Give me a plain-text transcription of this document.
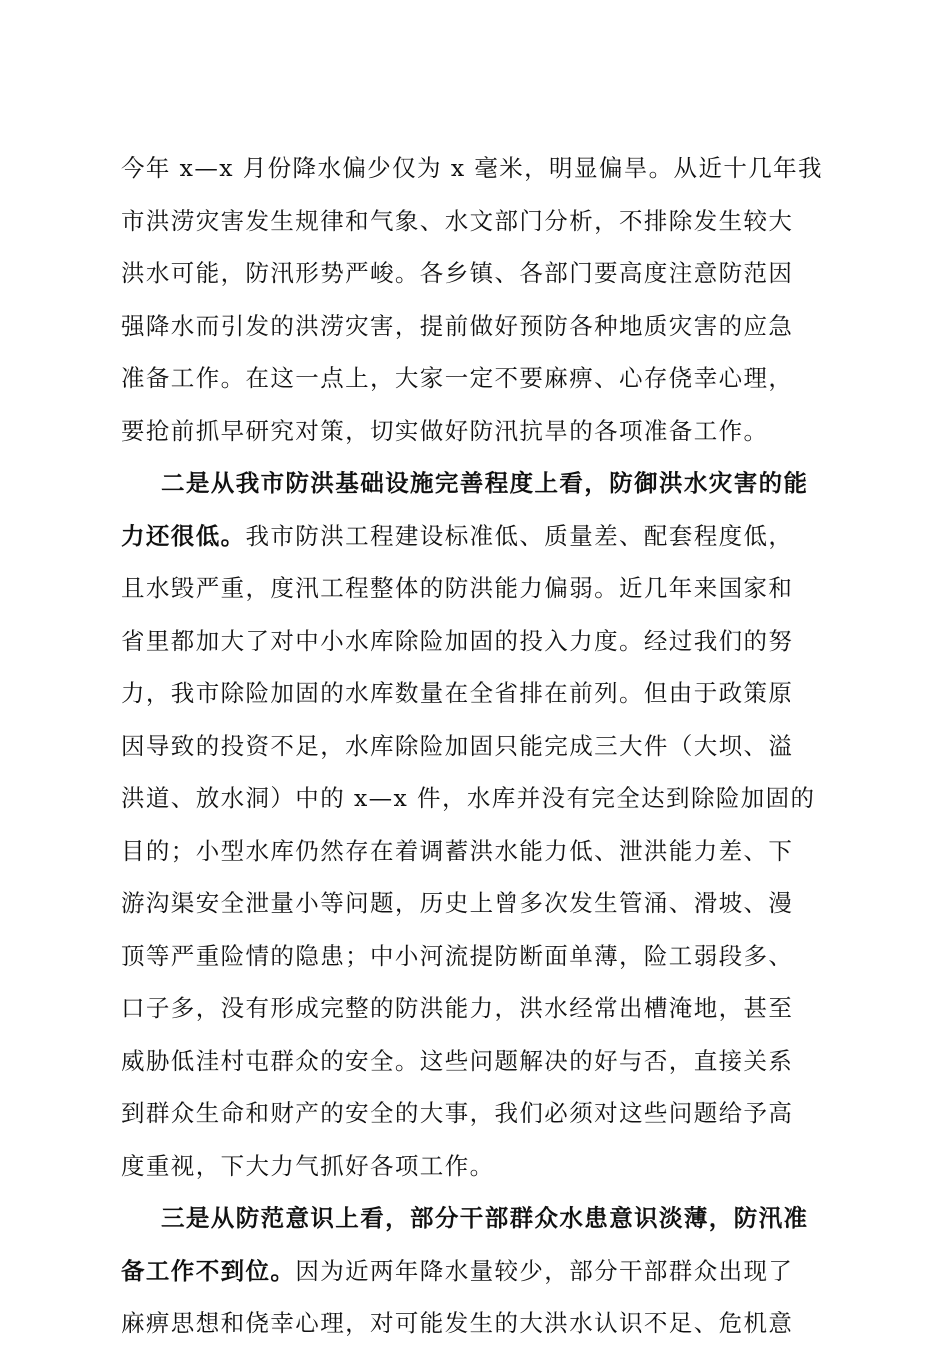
今年 x—x 月份降水偏少仅为 x 毫米，明显偏旱。从近十几年我
市洪涝灾害发生规律和气象、水文部门分析，不排除发生较大
洪水可能，防汛形势严峻。各乡镇、各部门要高度注意防范因
强降水而引发的洪涝灾害，提前做好预防各种地质灾害的应急
准备工作。在这一点上，大家一定不要麻痹、心存侥幸心理，
要抢前抓早研究对策，切实做好防汛抗旱的各项准备工作。
二是从我市防洪基础设施完善程度上看，防御洪水灾害的能
力还很低。我市防洪工程建设标准低、质量差、配套程度低，
且水毁严重，度汛工程整体的防洪能力偏弱。近几年来国家和
省里都加大了对中小水库除险加固的投入力度。经过我们的努
力，我市除险加固的水库数量在全省排在前列。但由于政策原
因导致的投资不足，水库除险加固只能完成三大件（大坝、溢
洪道、放水洞）中的 x—x 件，水库并没有完全达到除险加固的
目的；小型水库仍然存在着调蓄洪水能力低、泄洪能力差、下
游沟渠安全泄量小等问题，历史上曾多次发生管涌、滑坡、漫
顶等严重险情的隐患；中小河流提防断面单薄，险工弱段多、
口子多，没有形成完整的防洪能力，洪水经常出槽淹地，甚至
威胁低洼村屯群众的安全。这些问题解决的好与否，直接关系
到群众生命和财产的安全的大事，我们必须对这些问题给予高
度重视，下大力气抓好各项工作。
三是从防范意识上看，部分干部群众水患意识淡薄，防汛准
备工作不到位。因为近两年降水量较少，部分干部群众出现了
麻痹思想和侥幸心理，对可能发生的大洪水认识不足、危机意
